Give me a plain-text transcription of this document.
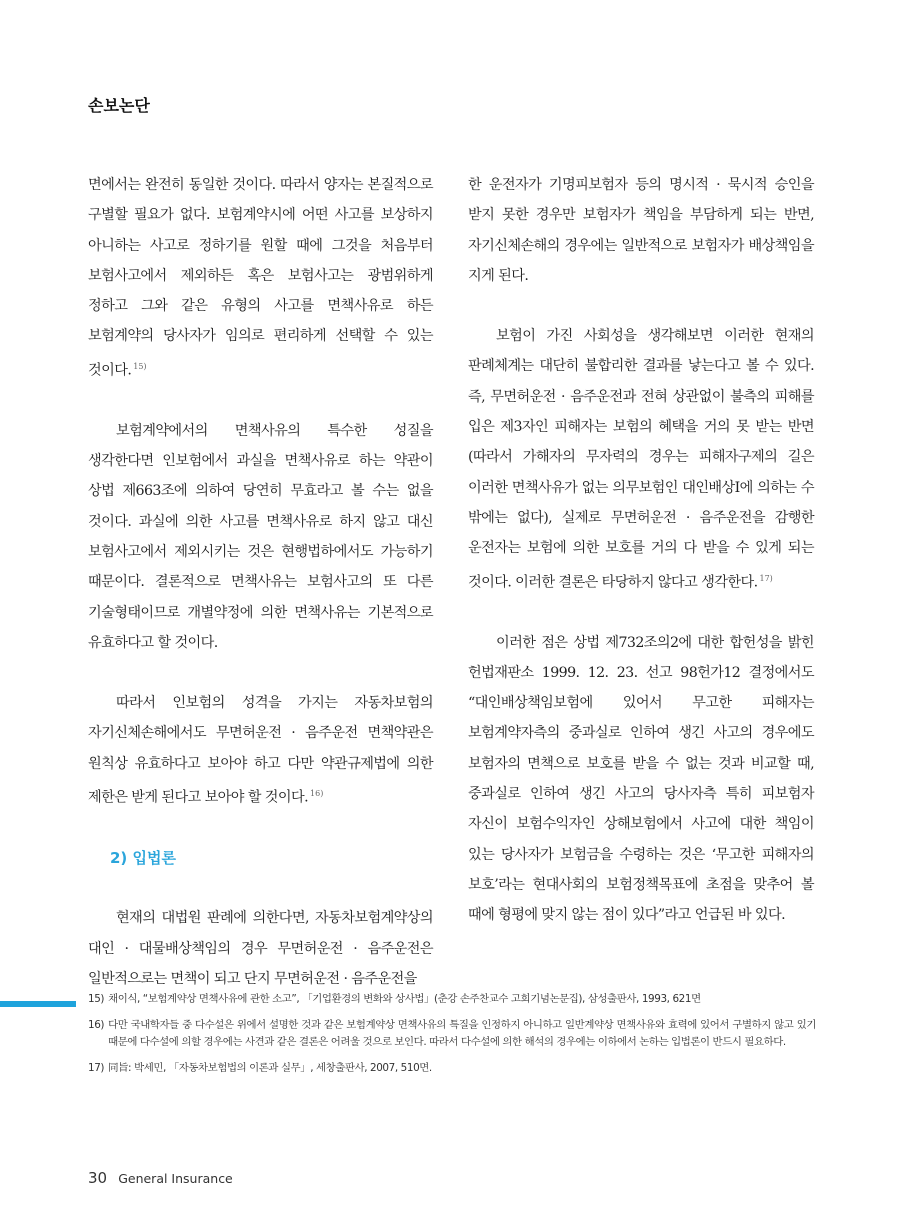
손보논단

면에서는 완전히 동일한 것이다. 따라서 양자는 본질적으로 구별할 필요가 없다. 보험계약시에 어떤 사고를 보상하지 아니하는 사고로 정하기를 원할 때에 그것을 처음부터 보험사고에서 제외하든 혹은 보험사고는 광범위하게 정하고 그와 같은 유형의 사고를 면책사유로 하든 보험계약의 당사자가 임의로 편리하게 선택할 수 있는 것이다. $^{15)}$

보험계약에서의 면책사유의 특수한 성질을 생각한다면 인보험에서 과실을 면책사유로 하는 약관이 상법 제663조에 의하여 당연히 무효라고 볼 수는 없을 것이다. 과실에 의한 사고를 면책사유로 하지 않고 대신 보험사고에서 제외시키는 것은 현행법하에서도 가능하기 때문이다. 결론적으로 면책사유는 보험사고의 또 다른 기술형태이므로 개별약정에 의한 면책사유는 기본적으로 유효하다고 할 것이다.

따라서 인보험의 성격을 가지는 자동차보험의 자기신체손해에서도 무면허운전 · 음주운전 면책약관은 원칙상 유효하다고 보아야 하고 다만 약관규제법에 의한 제한은 받게 된다고 보아야 할 것이다. $^{16)}$

2) 입법론

현재의 대법원 판례에 의한다면, 자동차보험계약상의 대인 · 대물배상책임의 경우 무면허운전 · 음주운전은 일반적으로는 면책이 되고 단지 무면허운전 · 음주운전을

한 운전자가 기명피보험자 등의 명시적 · 묵시적 승인을 받지 못한 경우만 보험자가 책임을 부담하게 되는 반면, 자기신체손해의 경우에는 일반적으로 보험자가 배상책임을 지게 된다.

보험이 가진 사회성을 생각해보면 이러한 현재의 판례체계는 대단히 불합리한 결과를 낳는다고 볼 수 있다. 즉, 무면허운전 · 음주운전과 전혀 상관없이 불측의 피해를 입은 제3자인 피해자는 보험의 혜택을 거의 못 받는 반면 (따라서 가해자의 무자력의 경우는 피해자구제의 길은 이러한 면책사유가 없는 의무보험인 대인배상I에 의하는 수 밖에는 없다), 실제로 무면허운전 · 음주운전을 감행한 운전자는 보험에 의한 보호를 거의 다 받을 수 있게 되는 것이다. 이러한 결론은 타당하지 않다고 생각한다. $^{17)}$

이러한 점은 상법 제732조의2에 대한 합헌성을 밝힌 헌법재판소 1999. 12. 23. 선고 98헌가12 결정에서도 “대인배상책임보험에 있어서 무고한 피해자는 보험계약자측의 중과실로 인하여 생긴 사고의 경우에도 보험자의 면책으로 보호를 받을 수 없는 것과 비교할 때, 중과실로 인하여 생긴 사고의 당사자측 특히 피보험자 자신이 보험수익자인 상해보험에서 사고에 대한 책임이 있는 당사자가 보험금을 수령하는 것은 ‘무고한 피해자의 보호’라는 현대사회의 보험정책목표에 초점을 맞추어 볼 때에 형평에 맞지 않는 점이 있다”라고 언급된 바 있다.

15) 채이식, “보험계약상 면책사유에 관한 소고”, 「기업환경의 변화와 상사법」(춘강 손주찬교수 고희기념논문집), 삼성출판사, 1993, 621면
16) 다만 국내학자들 중 다수설은 위에서 설명한 것과 같은 보험계약상 면책사유의 특질을 인정하지 아니하고 일반계약상 면책사유와 효력에 있어서 구별하지 않고 있기 때문에 다수설에 의할 경우에는 사견과 같은 결론은 어려울 것으로 보인다. 따라서 다수설에 의한 해석의 경우에는 이하에서 논하는 입법론이 반드시 필요하다.
17) 同旨: 박세민, 「자동차보험법의 이론과 실무」, 세창출판사, 2007, 510면.
30 General Insurance
